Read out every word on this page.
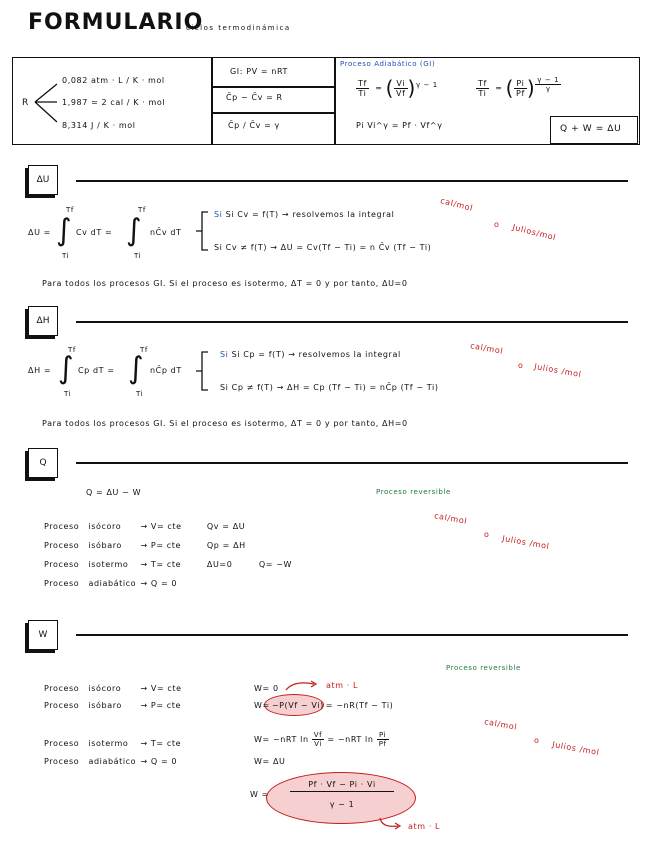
FORMULARIO
ciclos termodinámica
R
0,082 atm · L / K · mol
1,987 ≃ 2 cal / K · mol
8,314 J / K · mol
GI: PV = nRT
C̄p − C̄v = R
C̄p / C̄v = γ
Proceso Adiabático (GI)
$\frac{Tf}{Ti}$ = ( $\frac{Vi}{Vf} )^{\gamma - 1}$	$\frac{Tf}{Ti}$ = ( $\frac{Pi}{Pf}$ ) $^{\frac{\gamma - 1}{\gamma}}$
Pi Vi^γ = Pf · Vf^γ	Q + W = ΔU
ΔU
ΔU = ∫
Tf
Ti
Cv dT = ∫
Tf
Ti
nC̄v dT
Si Si Cv = f(T) → resolvemos la integral
Si Cv ≠ f(T) → ΔU = Cv(Tf − Ti) = n C̄v (Tf − Ti)
cal/mol
o Julios/mol
Para todos los procesos GI. Si el proceso es isotermo, ΔT = 0 y por tanto, ΔU=0
ΔH
ΔH = ∫
Tf
Ti
Cp dT = ∫
Tf
Ti
nC̄p dT
Si Si Cp = f(T) → resolvemos la integral
Si Cp ≠ f(T) → ΔH = Cp (Tf − Ti) = nC̄p (Tf − Ti)
cal/mol
o Julios /mol
Para todos los procesos GI. Si el proceso es isotermo, ΔT = 0 y por tanto, ΔH=0
Q
Q = ΔU − W	Proceso reversible
cal/mol
o Julios /mol
Proceso isócoro → V= cte	Qv = ΔU
Proceso isóbaro → P= cte	Qp = ΔH
Proceso isotermo → T= cte	ΔU=0	Q= −W
Proceso adiabático → Q = 0
W
Proceso reversible
cal/mol
o Julios /mol
Proceso isócoro → V= cte	W= 0	atm · L
Proceso isóbaro → P= cte	W= −P(Vf − Vi) = −nR(Tf − Ti)
Proceso isotermo → T= cte	W= −nRT $\ln \frac{Vf}{Vi} = -nRT$ $\ln \frac{Pi}{Pf}$
Proceso adiabático → Q = 0	W= ΔU
W =
Pf · Vf − Pi · Vi
γ − 1
atm · L
